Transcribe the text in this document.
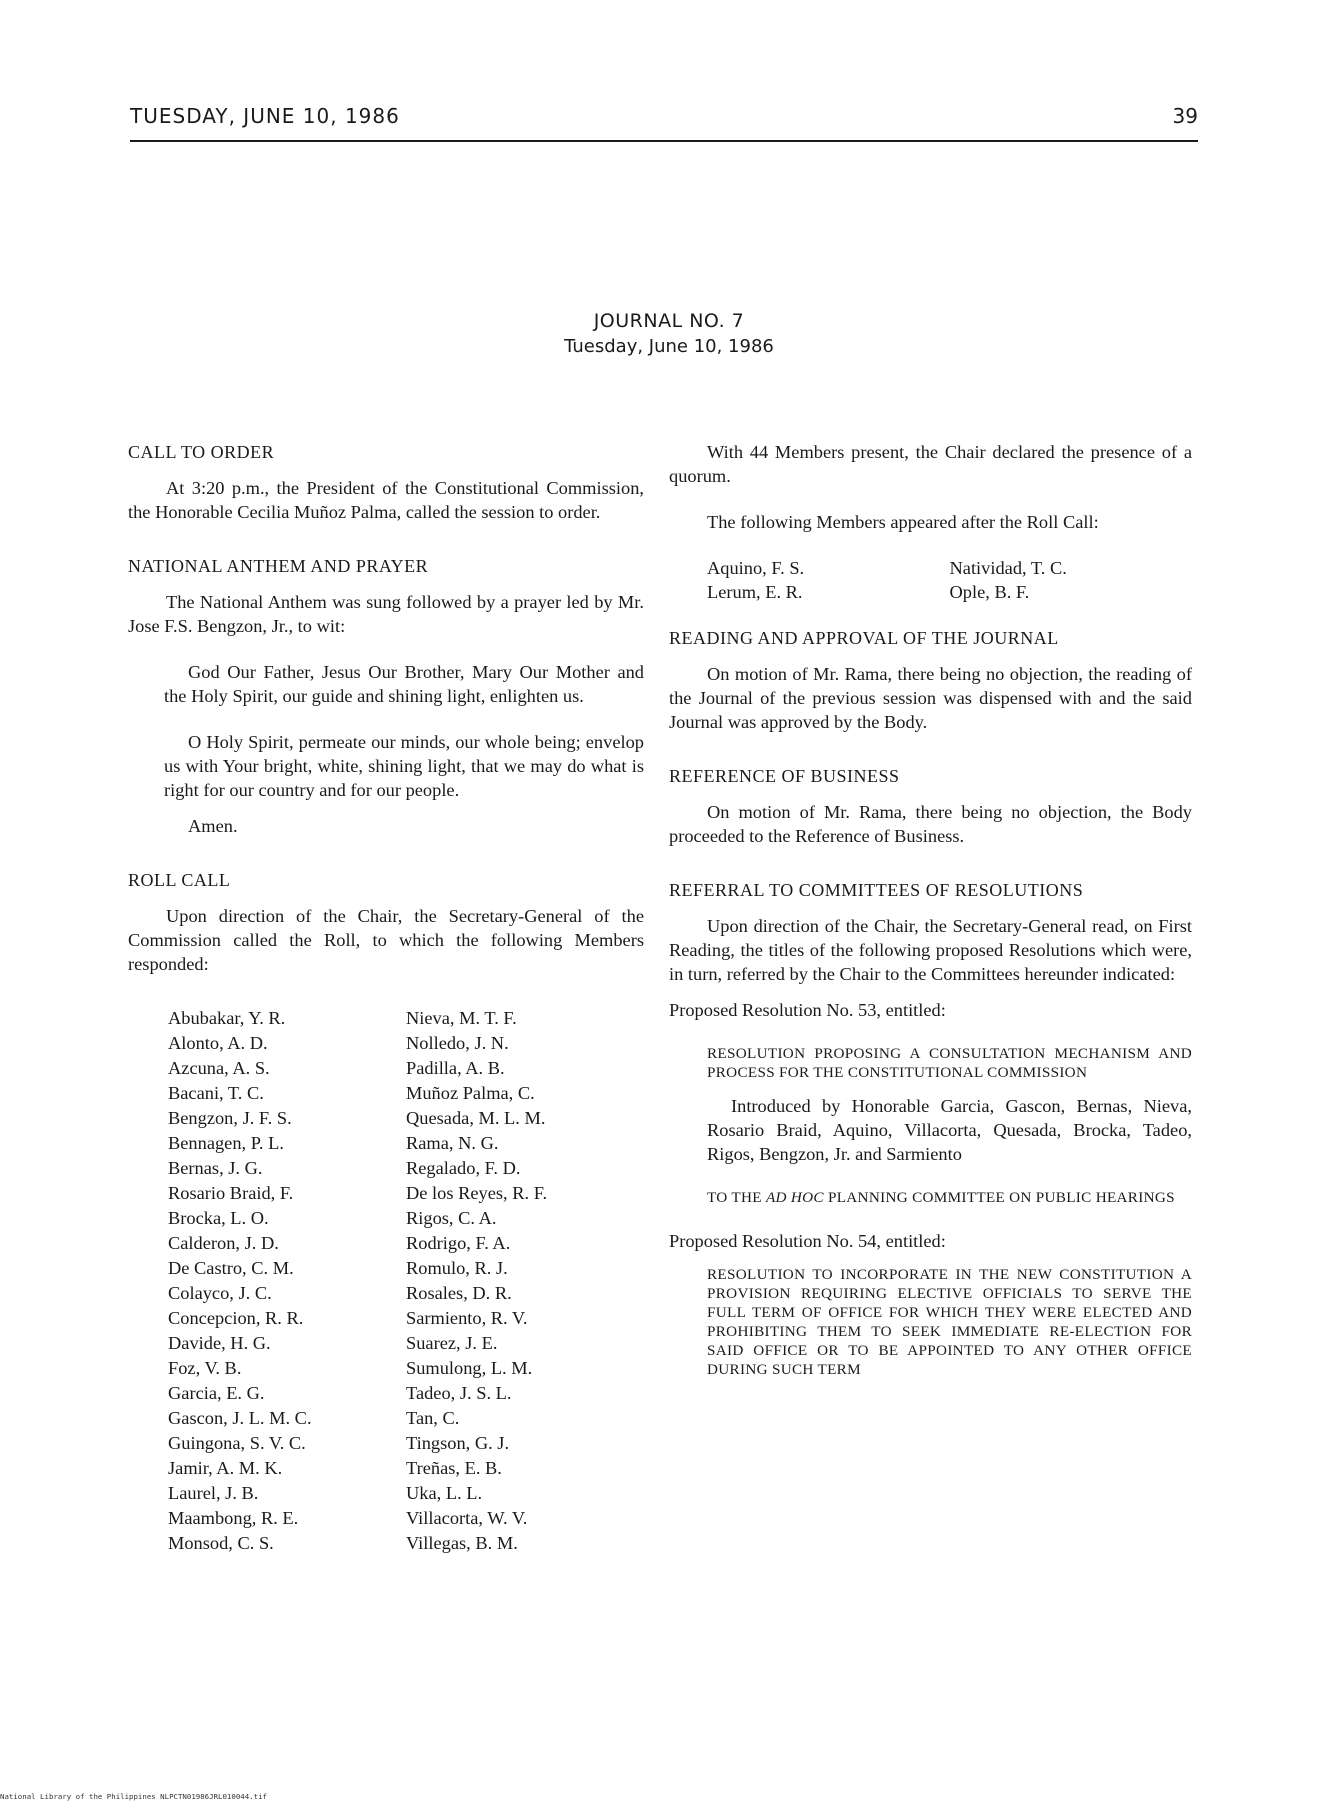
TUESDAY, JUNE 10, 1986	39
JOURNAL NO. 7
Tuesday, June 10, 1986
CALL TO ORDER

At 3:20 p.m., the President of the Constitutional Commission, the Honorable Cecilia Muñoz Palma, called the session to order.

NATIONAL ANTHEM AND PRAYER

The National Anthem was sung followed by a prayer led by Mr. Jose F.S. Bengzon, Jr., to wit:

God Our Father, Jesus Our Brother, Mary Our Mother and the Holy Spirit, our guide and shining light, enlighten us.

O Holy Spirit, permeate our minds, our whole being; envelop us with Your bright, white, shining light, that we may do what is right for our country and for our people.

Amen.

ROLL CALL

Upon direction of the Chair, the Secretary-General of the Commission called the Roll, to which the following Members responded:

Abubakar, Y. R.
Alonto, A. D.
Azcuna, A. S.
Bacani, T. C.
Bengzon, J. F. S.
Bennagen, P. L.
Bernas, J. G.
Rosario Braid, F.
Brocka, L. O.
Calderon, J. D.
De Castro, C. M.
Colayco, J. C.
Concepcion, R. R.
Davide, H. G.
Foz, V. B.
Garcia, E. G.
Gascon, J. L. M. C.
Guingona, S. V. C.
Jamir, A. M. K.
Laurel, J. B.
Maambong, R. E.
Monsod, C. S.
Nieva, M. T. F.
Nolledo, J. N.
Padilla, A. B.
Muñoz Palma, C.
Quesada, M. L. M.
Rama, N. G.
Regalado, F. D.
De los Reyes, R. F.
Rigos, C. A.
Rodrigo, F. A.
Romulo, R. J.
Rosales, D. R.
Sarmiento, R. V.
Suarez, J. E.
Sumulong, L. M.
Tadeo, J. S. L.
Tan, C.
Tingson, G. J.
Treñas, E. B.
Uka, L. L.
Villacorta, W. V.
Villegas, B. M.

With 44 Members present, the Chair declared the presence of a quorum.

The following Members appeared after the Roll Call:

Aquino, F. S.
Lerum, E. R.
Natividad, T. C.
Ople, B. F.
READING AND APPROVAL OF THE JOURNAL

On motion of Mr. Rama, there being no objection, the reading of the Journal of the previous session was dispensed with and the said Journal was approved by the Body.

REFERENCE OF BUSINESS

On motion of Mr. Rama, there being no objection, the Body proceeded to the Reference of Business.

REFERRAL TO COMMITTEES OF RESOLUTIONS

Upon direction of the Chair, the Secretary-General read, on First Reading, the titles of the following proposed Resolutions which were, in turn, referred by the Chair to the Committees hereunder indicated:

Proposed Resolution No. 53, entitled:

RESOLUTION PROPOSING A CONSULTATION MECHANISM AND PROCESS FOR THE CONSTITUTIONAL COMMISSION

Introduced by Honorable Garcia, Gascon, Bernas, Nieva, Rosario Braid, Aquino, Villacorta, Quesada, Brocka, Tadeo, Rigos, Bengzon, Jr. and Sarmiento

TO THE AD HOC PLANNING COMMITTEE ON PUBLIC HEARINGS

Proposed Resolution No. 54, entitled:

RESOLUTION TO INCORPORATE IN THE NEW CONSTITUTION A PROVISION REQUIRING ELECTIVE OFFICIALS TO SERVE THE FULL TERM OF OFFICE FOR WHICH THEY WERE ELECTED AND PROHIBITING THEM TO SEEK IMMEDIATE RE-ELECTION FOR SAID OFFICE OR TO BE APPOINTED TO ANY OTHER OFFICE DURING SUCH TERM
National Library of the Philippines NLPCTN01986JRL010044.tif
